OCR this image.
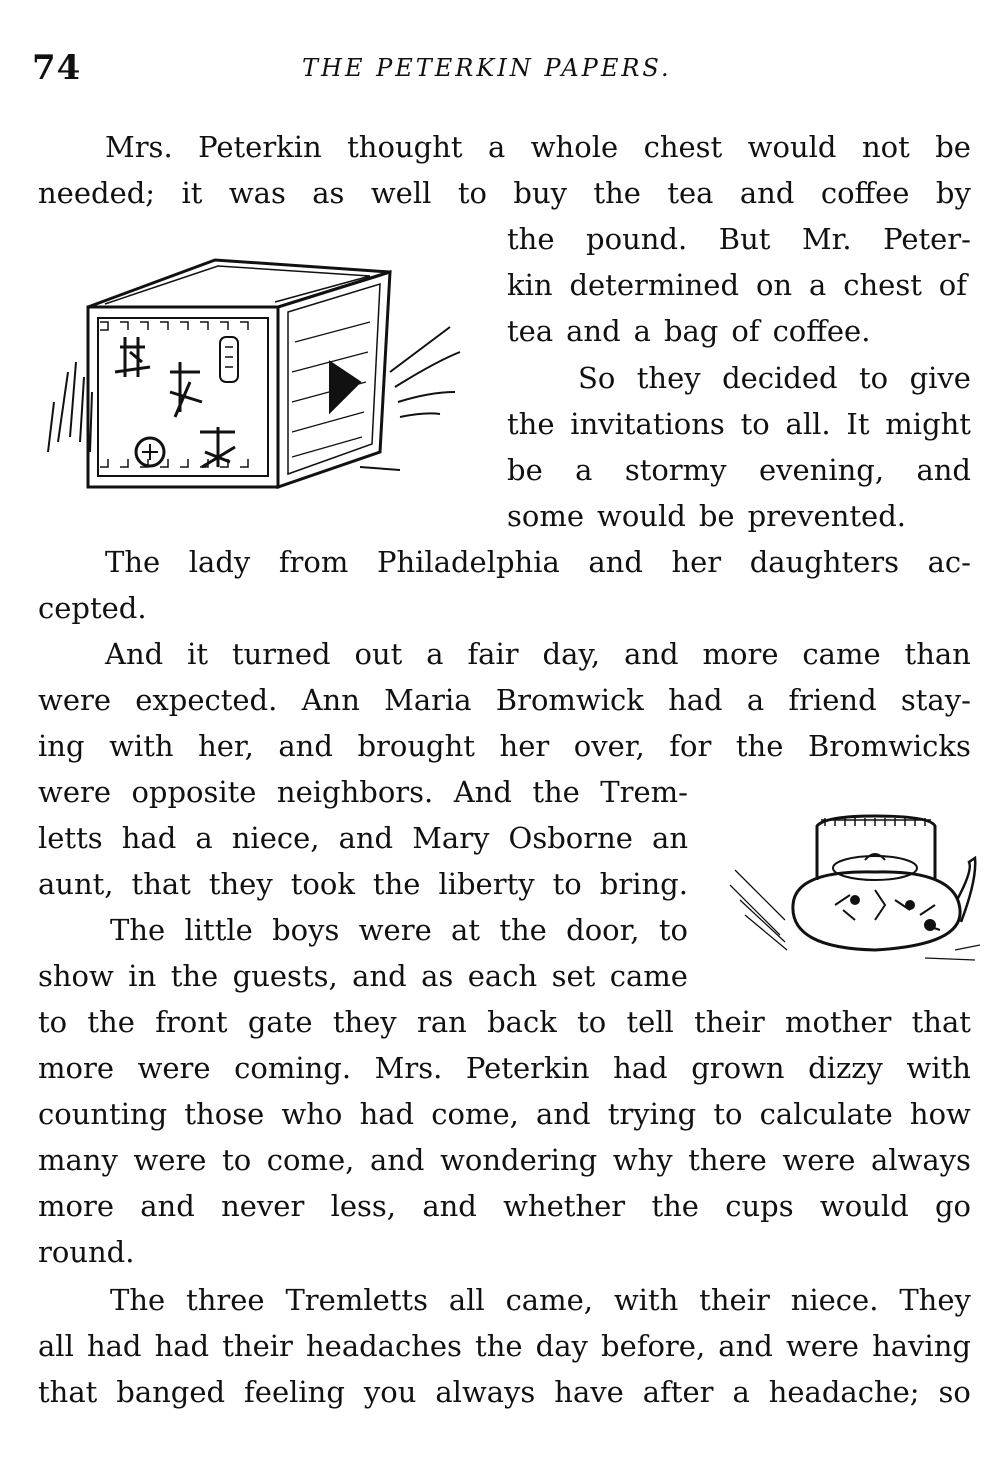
74	THE PETERKIN PAPERS.
Mrs. Peterkin thought a whole chest would not be
needed; it was as well to buy the tea and coffee by
the pound. But Mr. Peter-
kin determined on a chest of
tea and a bag of coffee.
So they decided to give
the invitations to all. It might
be a stormy evening, and
some would be prevented.
The lady from Philadelphia and her daughters ac-
cepted.
And it turned out a fair day, and more came than
were expected. Ann Maria Bromwick had a friend stay-
ing with her, and brought her over, for the Bromwicks
were opposite neighbors. And the Trem-
letts had a niece, and Mary Osborne an
aunt, that they took the liberty to bring.
The little boys were at the door, to
show in the guests, and as each set came
to the front gate they ran back to tell their mother that
more were coming. Mrs. Peterkin had grown dizzy with
counting those who had come, and trying to calculate how
many were to come, and wondering why there were always
more and never less, and whether the cups would go
round.
The three Tremletts all came, with their niece. They
all had had their headaches the day before, and were having
that banged feeling you always have after a headache; so
